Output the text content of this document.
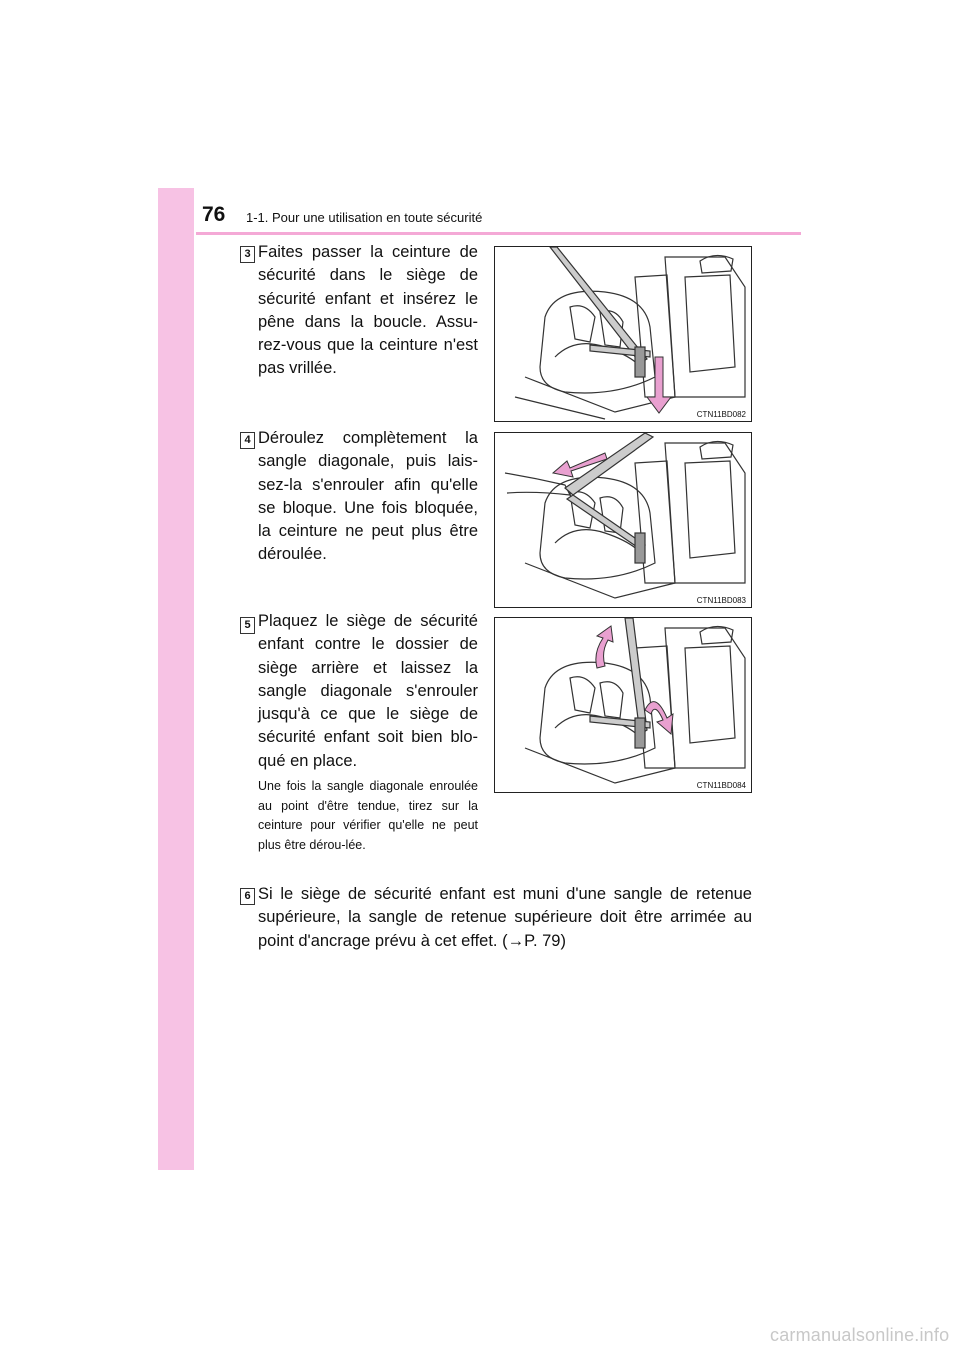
76 1-1. Pour une utilisation en toute sécurité
3 Faites passer la ceinture de sécurité dans le siège de sécurité enfant et insérez le pêne dans la boucle. Assu-rez-vous que la ceinture n'est pas vrillée.
CTN11BD082
4 Déroulez complètement la sangle diagonale, puis lais-sez-la s'enrouler afin qu'elle se bloque. Une fois bloquée, la ceinture ne peut plus être déroulée.
CTN11BD083
5 Plaquez le siège de sécurité enfant contre le dossier de siège arrière et laissez la sangle diagonale s'enrouler jusqu'à ce que le siège de sécurité enfant soit bien blo-qué en place.
Une fois la sangle diagonale enroulée au point d'être tendue, tirez sur la ceinture pour vérifier qu'elle ne peut plus être dérou-lée.
CTN11BD084
6 Si le siège de sécurité enfant est muni d'une sangle de retenue supérieure, la sangle de retenue supérieure doit être arrimée au point d'ancrage prévu à cet effet. (→P. 79)
carmanualsonline.info
